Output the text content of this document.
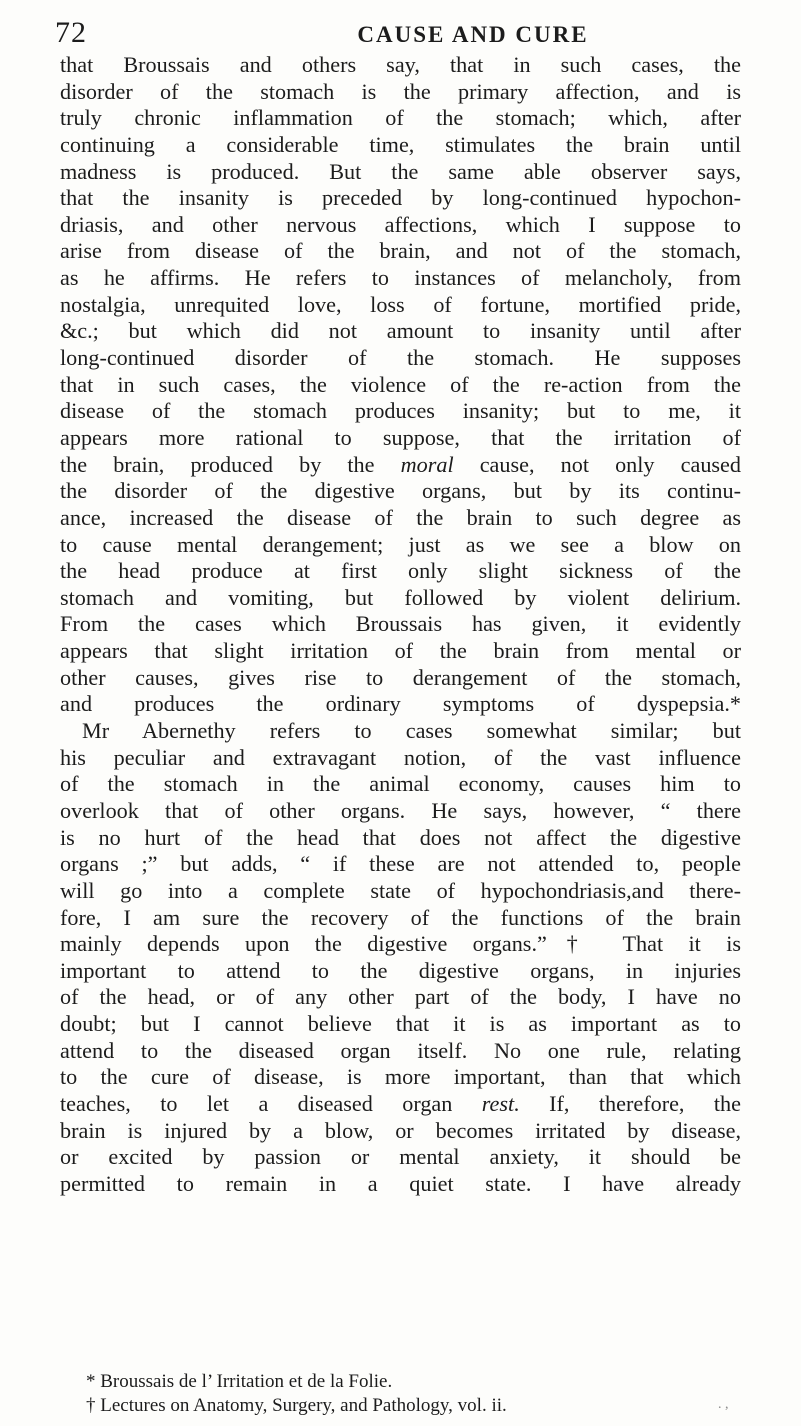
72	CAUSE AND CURE
that Broussais and others say, that in such cases, the
disorder of the stomach is the primary affection, and is
truly chronic inflammation of the stomach; which, after
continuing a considerable time, stimulates the brain until
madness is produced. But the same able observer says,
that the insanity is preceded by long-continued hypochon-
driasis, and other nervous affections, which I suppose to
arise from disease of the brain, and not of the stomach,
as he affirms. He refers to instances of melancholy, from
nostalgia, unrequited love, loss of fortune, mortified pride,
&c.; but which did not amount to insanity until after
long-continued disorder of the stomach. He supposes
that in such cases, the violence of the re-action from the
disease of the stomach produces insanity; but to me, it
appears more rational to suppose, that the irritation of
the brain, produced by the moral cause, not only caused
the disorder of the digestive organs, but by its continu-
ance, increased the disease of the brain to such degree as
to cause mental derangement; just as we see a blow on
the head produce at first only slight sickness of the
stomach and vomiting, but followed by violent delirium.
From the cases which Broussais has given, it evidently
appears that slight irritation of the brain from mental or
other causes, gives rise to derangement of the stomach,
and produces the ordinary symptoms of dyspepsia.*
Mr Abernethy refers to cases somewhat similar; but
his peculiar and extravagant notion, of the vast influence
of the stomach in the animal economy, causes him to
overlook that of other organs. He says, however, “ there
is no hurt of the head that does not affect the digestive
organs ;” but adds, “ if these are not attended to, people
will go into a complete state of hypochondriasis,and there-
fore, I am sure the recovery of the functions of the brain
mainly depends upon the digestive organs.”† That it is
important to attend to the digestive organs, in injuries
of the head, or of any other part of the body, I have no
doubt; but I cannot believe that it is as important as to
attend to the diseased organ itself. No one rule, relating
to the cure of disease, is more important, than that which
teaches, to let a diseased organ rest. If, therefore, the
brain is injured by a blow, or becomes irritated by disease,
or excited by passion or mental anxiety, it should be
permitted to remain in a quiet state. I have already
* Broussais de l’ Irritation et de la Folie.
† Lectures on Anatomy, Surgery, and Pathology, vol. ii.	. ,
